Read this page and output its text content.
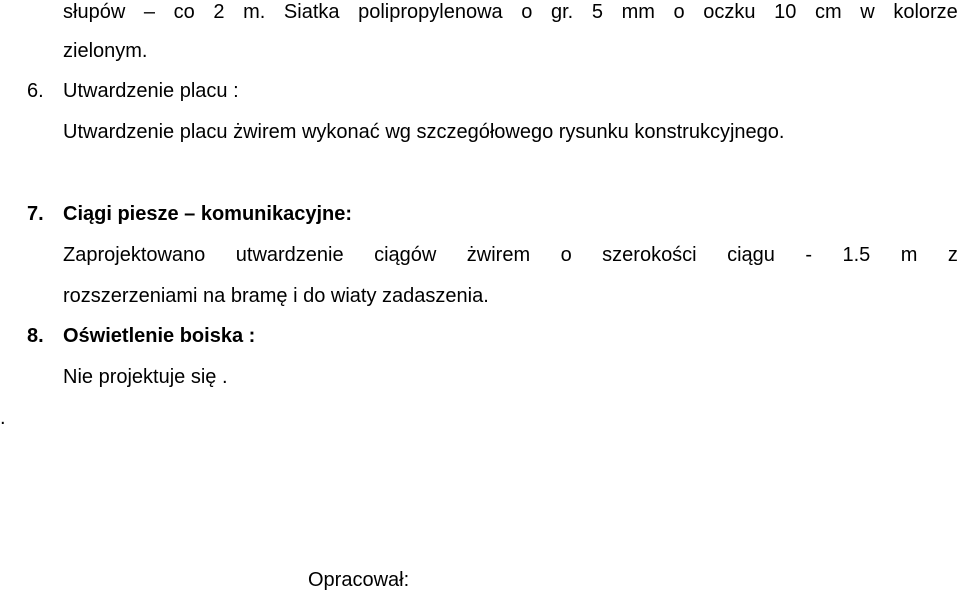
słupów – co 2 m. Siatka polipropylenowa o gr. 5 mm o oczku 10 cm w kolorze
zielonym.
6. Utwardzenie placu :
Utwardzenie placu żwirem wykonać wg szczegółowego rysunku konstrukcyjnego.
7. Ciągi piesze – komunikacyjne:
Zaprojektowano utwardzenie ciągów żwirem o szerokości ciągu - 1.5 m z
rozszerzeniami na bramę i do wiaty zadaszenia.
8. Oświetlenie boiska :
Nie projektuje się .
.
Opracował:
